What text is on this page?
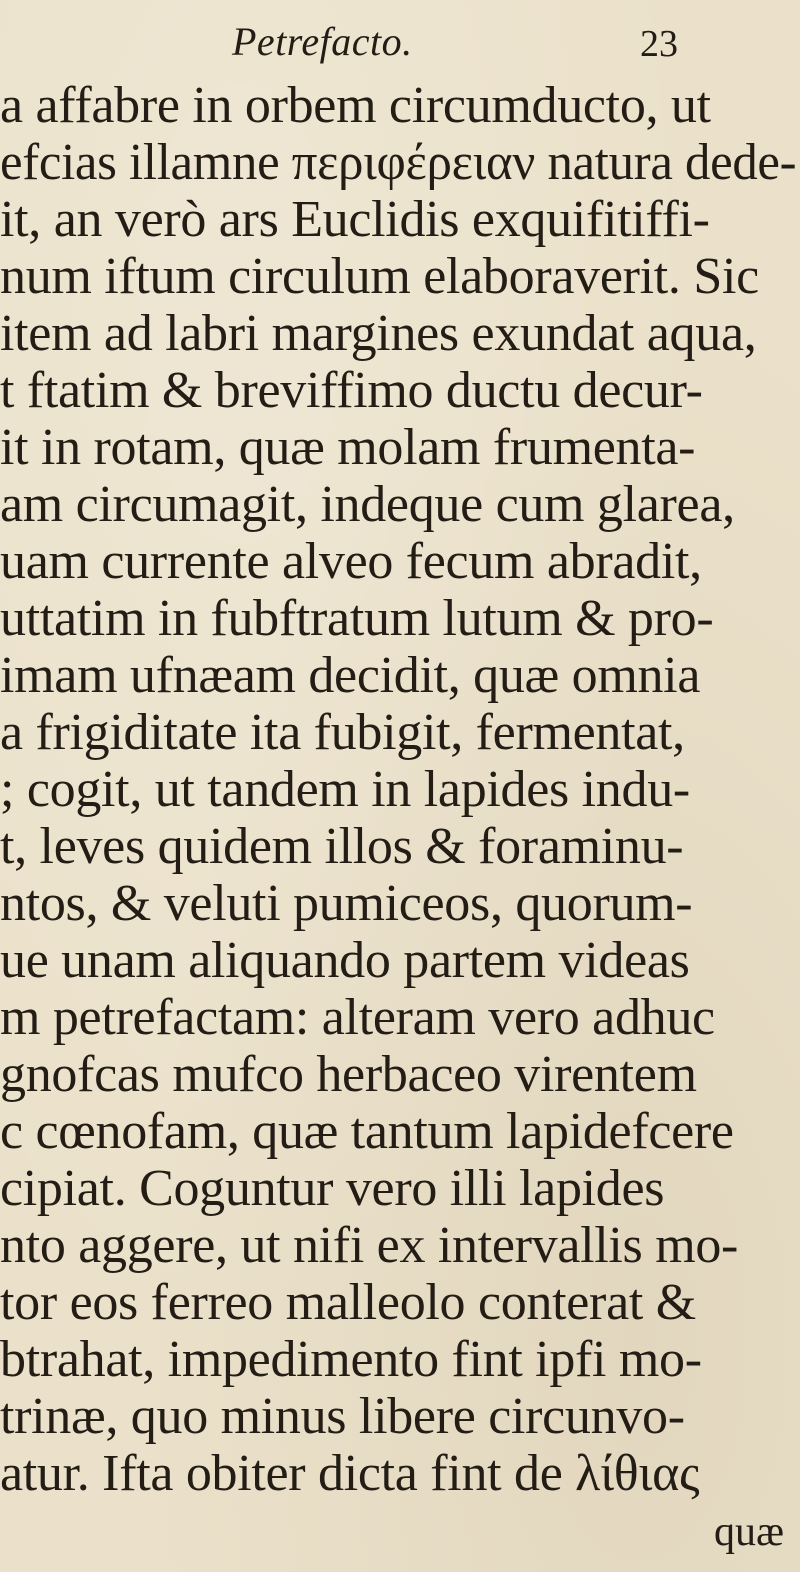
Petrefacto.	23
a affabre in orbem circumducto, ut
efcias illamne περιφέρειαν natura dede-
it, an verò ars Euclidis exquifitiffi-
num iftum circulum elaboraverit. Sic
item ad labri margines exundat aqua,
t ftatim & breviffimo ductu decur-
it in rotam, quæ molam frumenta-
am circumagit, indeque cum glarea,
uam currente alveo fecum abradit,
uttatim in fubftratum lutum & pro-
imam ufnæam decidit, quæ omnia
a frigiditate ita fubigit, fermentat,
; cogit, ut tandem in lapides indu-
t, leves quidem illos & foraminu-
ntos, & veluti pumiceos, quorum-
ue unam aliquando partem videas
m petrefactam: alteram vero adhuc
gnofcas mufco herbaceo virentem
c cœnofam, quæ tantum lapidefcere
cipiat. Coguntur vero illi lapides
nto aggere, ut nifi ex intervallis mo-
tor eos ferreo malleolo conterat &
btrahat, impedimento fint ipfi mo-
trinæ, quo minus libere circunvo-
atur. Ifta obiter dicta fint de λίθιας
quæ
